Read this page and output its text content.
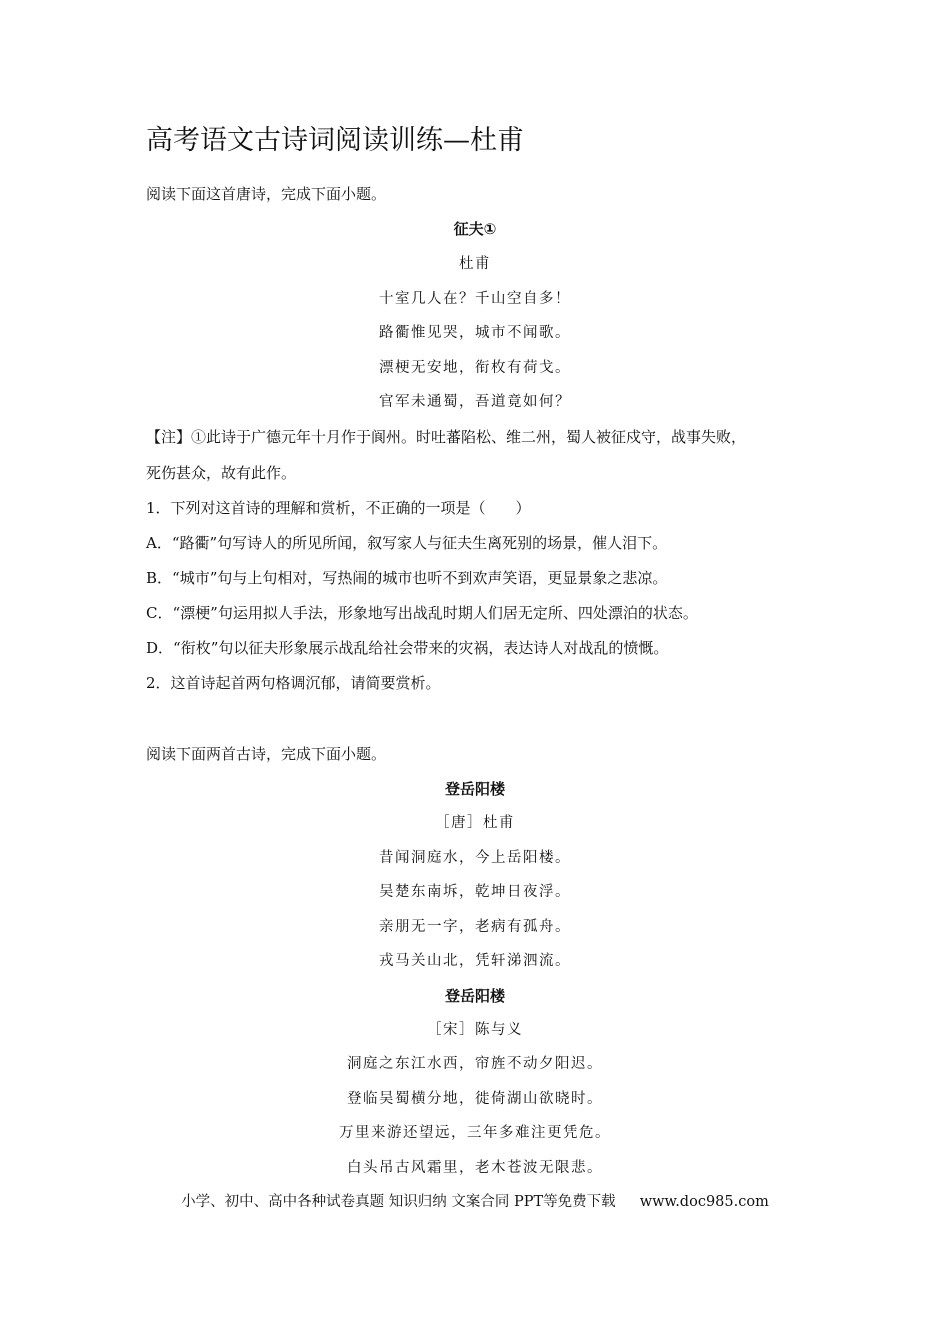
高考语文古诗词阅读训练—杜甫
阅读下面这首唐诗，完成下面小题。
征夫①
杜甫
十室几人在？千山空自多！
路衢惟见哭，城市不闻歌。
漂梗无安地，衔枚有荷戈。
官军未通蜀，吾道竟如何？
【注】①此诗于广德元年十月作于阆州。时吐蕃陷松、维二州，蜀人被征戍守，战事失败，
死伤甚众，故有此作。
1．下列对这首诗的理解和赏析，不正确的一项是（　　）
A．“路衢”句写诗人的所见所闻，叙写家人与征夫生离死别的场景，催人泪下。
B．“城市”句与上句相对，写热闹的城市也听不到欢声笑语，更显景象之悲凉。
C．“漂梗”句运用拟人手法，形象地写出战乱时期人们居无定所、四处漂泊的状态。
D．“衔枚”句以征夫形象展示战乱给社会带来的灾祸，表达诗人对战乱的愤慨。
2．这首诗起首两句格调沉郁，请简要赏析。
阅读下面两首古诗，完成下面小题。
登岳阳楼
［唐］杜甫
昔闻洞庭水，今上岳阳楼。
吴楚东南坼，乾坤日夜浮。
亲朋无一字，老病有孤舟。
戎马关山北，凭轩涕泗流。
登岳阳楼
［宋］陈与义
洞庭之东江水西，帘旌不动夕阳迟。
登临吴蜀横分地，徙倚湖山欲晓时。
万里来游还望远，三年多难注更凭危。
白头吊古风霜里，老木苍波无限悲。
小学、初中、高中各种试卷真题 知识归纳 文案合同 PPT等免费下载 www.doc985.com
